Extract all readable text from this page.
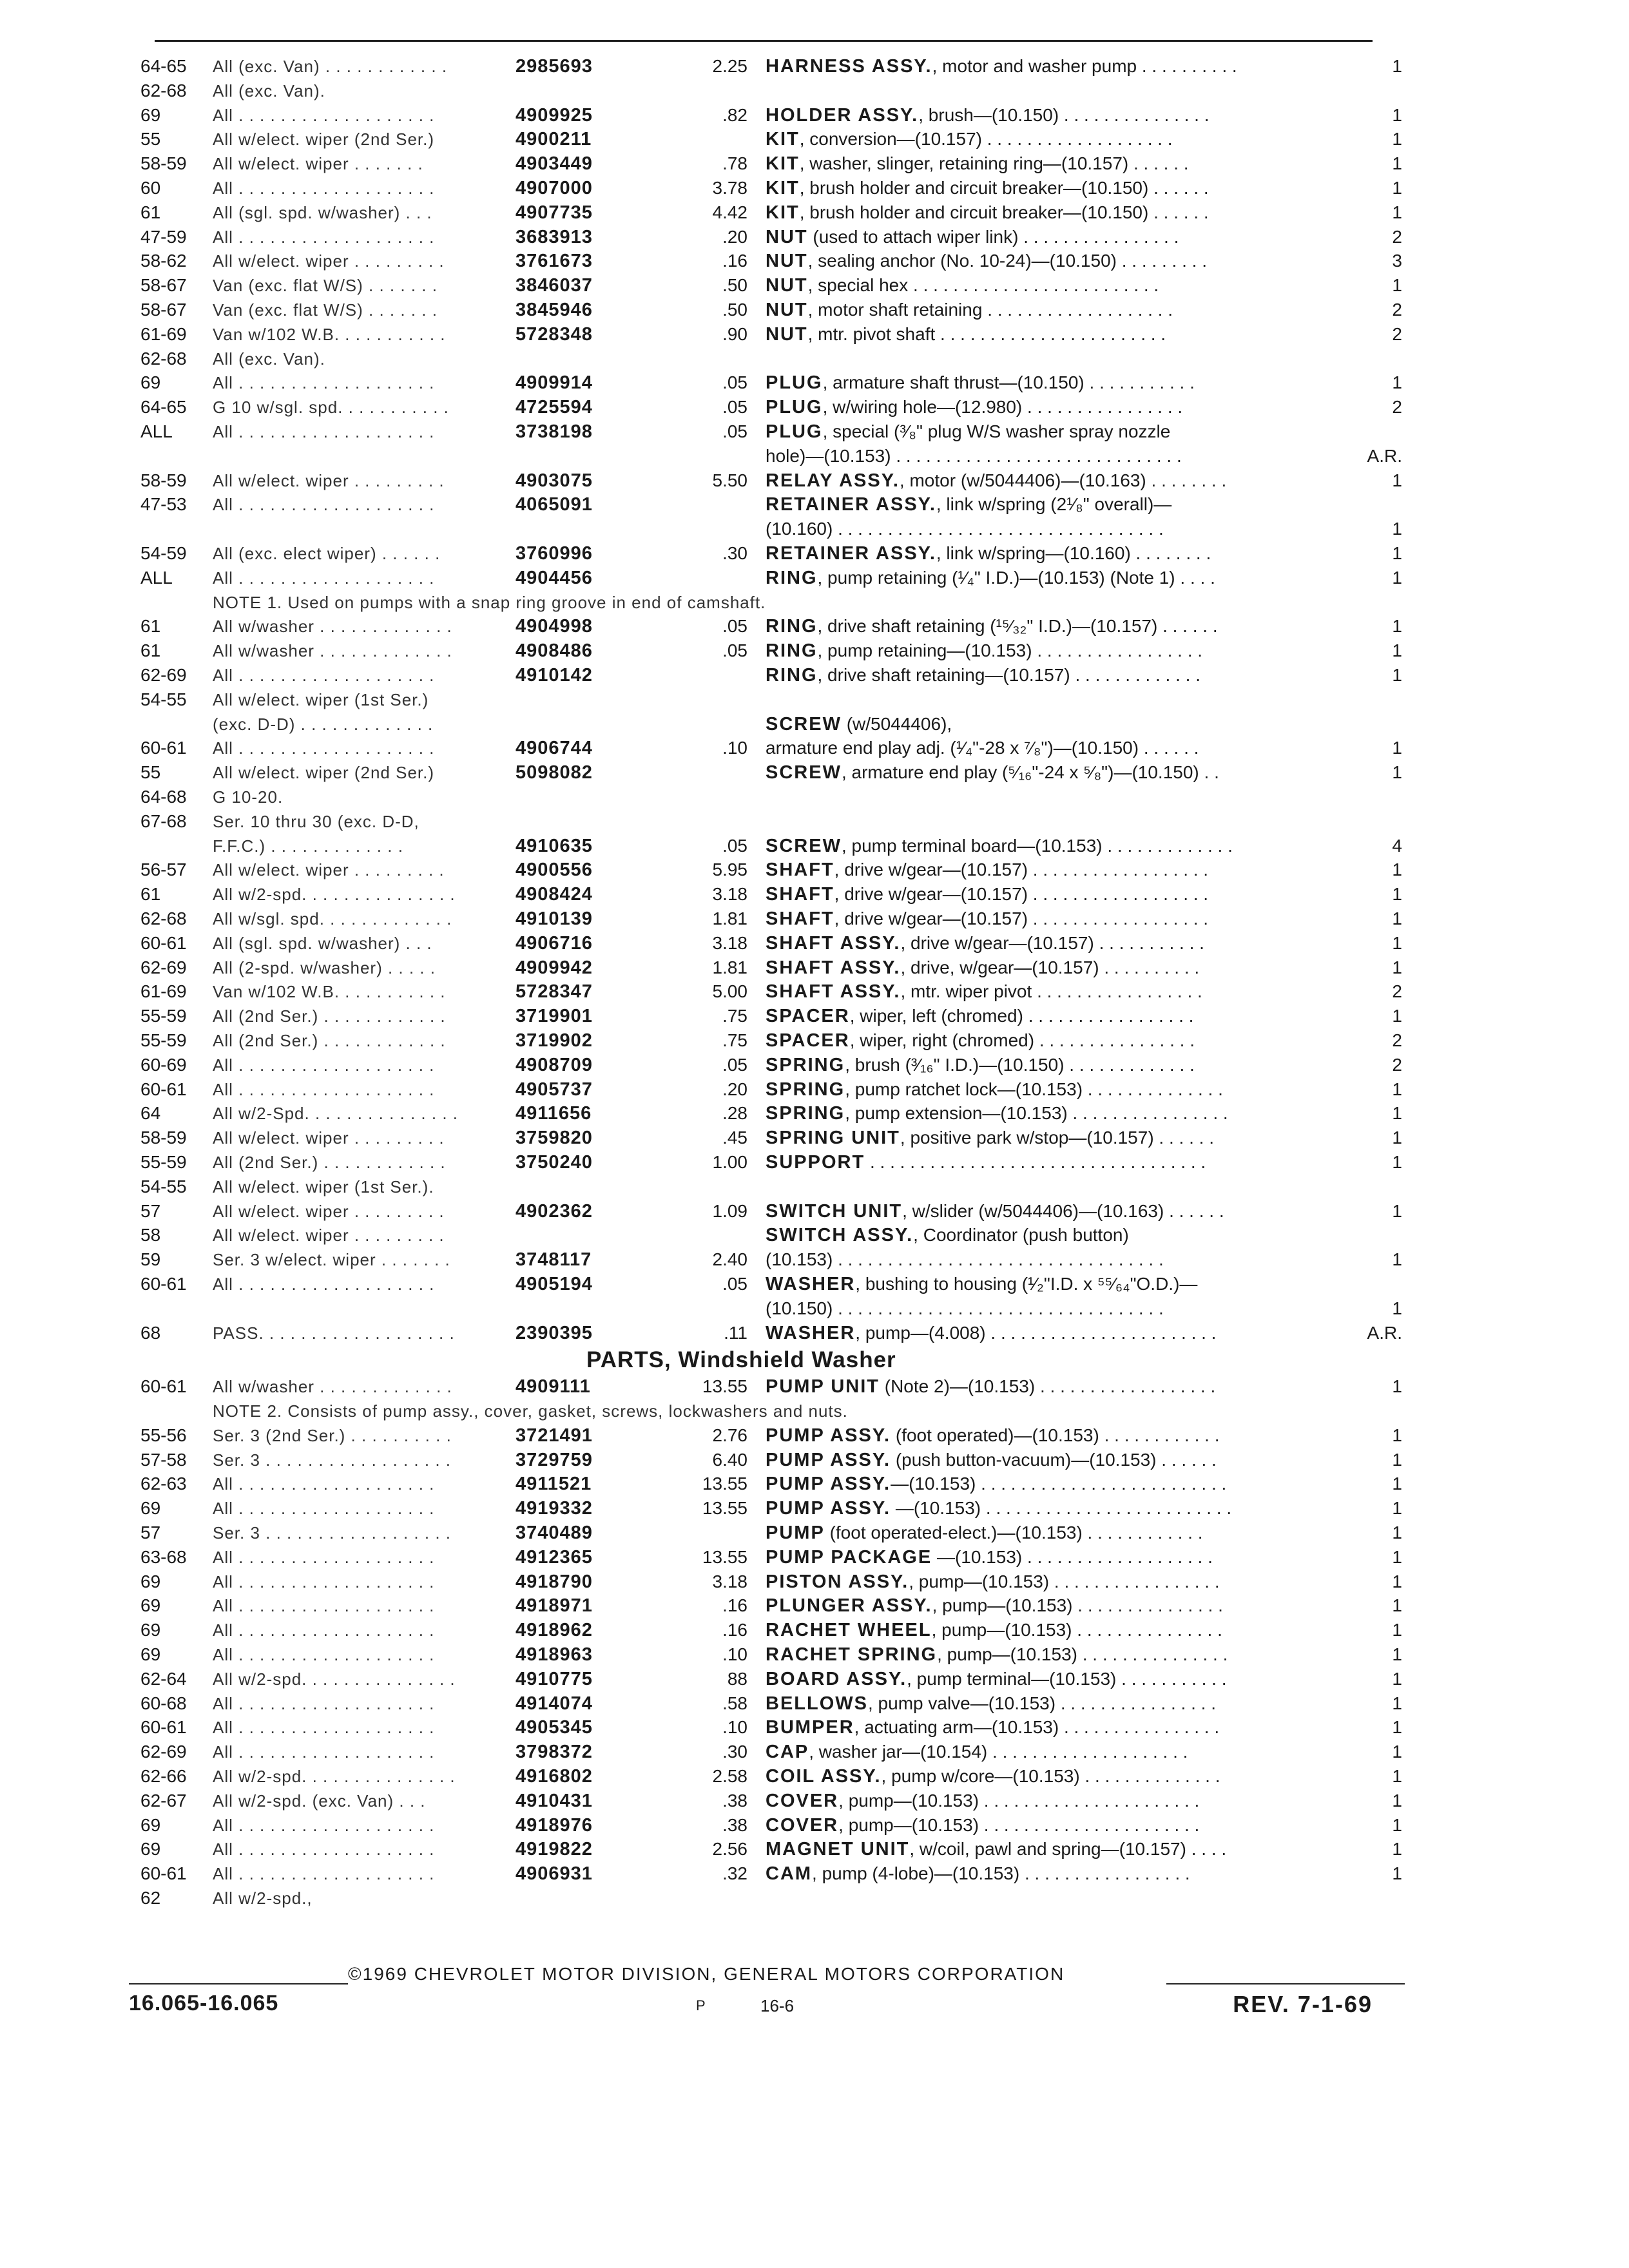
64-65 All (exc. Van) . . . . . . . . . . . .	2985693	2.25 HARNESS ASSY., motor and washer pump . . . . . . . . . .	1
62-68 All (exc. Van).
69	All . . . . . . . . . . . . . . . . . . .	4909925	.82 HOLDER ASSY., brush—(10.150) . . . . . . . . . . . . . . .	1
55	All w/elect. wiper (2nd Ser.)	4900211	KIT, conversion—(10.157) . . . . . . . . . . . . . . . . . . .	1
58-59 All w/elect. wiper . . . . . . .	4903449	.78 KIT, washer, slinger, retaining ring—(10.157) . . . . . .	1
60	All . . . . . . . . . . . . . . . . . . .	4907000	3.78 KIT, brush holder and circuit breaker—(10.150) . . . . . .	1
61	All (sgl. spd. w/washer) . . .	4907735	4.42 KIT, brush holder and circuit breaker—(10.150) . . . . . .	1
47-59 All . . . . . . . . . . . . . . . . . . .	3683913	.20 NUT (used to attach wiper link) . . . . . . . . . . . . . . . .	2
58-62 All w/elect. wiper . . . . . . . . .	3761673	.16 NUT, sealing anchor (No. 10-24)—(10.150) . . . . . . . . .	3
58-67 Van (exc. flat W/S) . . . . . . .	3846037	.50 NUT, special hex . . . . . . . . . . . . . . . . . . . . . . . . .	1
58-67 Van (exc. flat W/S) . . . . . . .	3845946	.50 NUT, motor shaft retaining . . . . . . . . . . . . . . . . . . .	2
61-69 Van w/102 W.B. . . . . . . . . . .	5728348	.90 NUT, mtr. pivot shaft . . . . . . . . . . . . . . . . . . . . . . .	2
62-68 All (exc. Van).
69	All . . . . . . . . . . . . . . . . . . .	4909914	.05 PLUG, armature shaft thrust—(10.150) . . . . . . . . . . .	1
64-65 G 10 w/sgl. spd. . . . . . . . . . .	4725594	.05 PLUG, w/wiring hole—(12.980) . . . . . . . . . . . . . . . .	2
ALL All . . . . . . . . . . . . . . . . . . .	3738198	.05 PLUG, special (³⁄₈" plug W/S washer spray nozzle
hole)—(10.153) . . . . . . . . . . . . . . . . . . . . . . . . . . . . .	A.R.
58-59 All w/elect. wiper . . . . . . . . .	4903075	5.50 RELAY ASSY., motor (w/5044406)—(10.163) . . . . . . . .	1
47-53 All . . . . . . . . . . . . . . . . . . .	4065091	RETAINER ASSY., link w/spring (2¹⁄₈" overall)—
(10.160) . . . . . . . . . . . . . . . . . . . . . . . . . . . . . . . . .	1
54-59 All (exc. elect wiper) . . . . . .	3760996	.30 RETAINER ASSY., link w/spring—(10.160) . . . . . . . .	1
ALL All . . . . . . . . . . . . . . . . . . .	4904456	RING, pump retaining (¹⁄₄" I.D.)—(10.153) (Note 1) . . . .	1
NOTE 1. Used on pumps with a snap ring groove in end of camshaft.
61	All w/washer . . . . . . . . . . . . .	4904998	.05 RING, drive shaft retaining (¹⁵⁄₃₂" I.D.)—(10.157) . . . . . .	1
61	All w/washer . . . . . . . . . . . . .	4908486	.05 RING, pump retaining—(10.153) . . . . . . . . . . . . . . . . .	1
62-69 All . . . . . . . . . . . . . . . . . . .	4910142	RING, drive shaft retaining—(10.157) . . . . . . . . . . . . .	1
54-55 All w/elect. wiper (1st Ser.)
(exc. D-D) . . . . . . . . . . . . .	SCREW (w/5044406),
60-61 All . . . . . . . . . . . . . . . . . . .	4906744	.10 armature end play adj. (¹⁄₄"-28 x ⁷⁄₈")—(10.150) . . . . . .	1
55	All w/elect. wiper (2nd Ser.)	5098082	SCREW, armature end play (⁵⁄₁₆"-24 x ⁵⁄₈")—(10.150) . .	1
64-68 G 10-20.
67-68 Ser. 10 thru 30 (exc. D-D,
F.F.C.) . . . . . . . . . . . . .	4910635	.05 SCREW, pump terminal board—(10.153) . . . . . . . . . . . . .	4
56-57 All w/elect. wiper . . . . . . . . .	4900556	5.95 SHAFT, drive w/gear—(10.157) . . . . . . . . . . . . . . . . . .	1
61	All w/2-spd. . . . . . . . . . . . . . .	4908424	3.18 SHAFT, drive w/gear—(10.157) . . . . . . . . . . . . . . . . . .	1
62-68 All w/sgl. spd. . . . . . . . . . . . .	4910139	1.81 SHAFT, drive w/gear—(10.157) . . . . . . . . . . . . . . . . . .	1
60-61 All (sgl. spd. w/washer) . . .	4906716	3.18 SHAFT ASSY., drive w/gear—(10.157) . . . . . . . . . . .	1
62-69 All (2-spd. w/washer) . . . . .	4909942	1.81 SHAFT ASSY., drive, w/gear—(10.157) . . . . . . . . . .	1
61-69 Van w/102 W.B. . . . . . . . . . .	5728347	5.00 SHAFT ASSY., mtr. wiper pivot . . . . . . . . . . . . . . . . .	2
55-59 All (2nd Ser.) . . . . . . . . . . . .	3719901	.75 SPACER, wiper, left (chromed) . . . . . . . . . . . . . . . . .	1
55-59 All (2nd Ser.) . . . . . . . . . . . .	3719902	.75 SPACER, wiper, right (chromed) . . . . . . . . . . . . . . . .	2
60-69 All . . . . . . . . . . . . . . . . . . .	4908709	.05 SPRING, brush (³⁄₁₆" I.D.)—(10.150) . . . . . . . . . . . . .	2
60-61 All . . . . . . . . . . . . . . . . . . .	4905737	.20 SPRING, pump ratchet lock—(10.153) . . . . . . . . . . . . . .	1
64	All w/2-Spd. . . . . . . . . . . . . . .	4911656	.28 SPRING, pump extension—(10.153) . . . . . . . . . . . . . . . .	1
58-59 All w/elect. wiper . . . . . . . . .	3759820	.45 SPRING UNIT, positive park w/stop—(10.157) . . . . . .	1
55-59 All (2nd Ser.) . . . . . . . . . . . .	3750240	1.00 SUPPORT . . . . . . . . . . . . . . . . . . . . . . . . . . . . . . . . . .	1
54-55 All w/elect. wiper (1st Ser.).
57	All w/elect. wiper . . . . . . . . .	4902362	1.09 SWITCH UNIT, w/slider (w/5044406)—(10.163) . . . . . .	1
58	All w/elect. wiper . . . . . . . . .	SWITCH ASSY., Coordinator (push button)
59	Ser. 3 w/elect. wiper . . . . . . .	3748117	2.40 (10.153) . . . . . . . . . . . . . . . . . . . . . . . . . . . . . . . . .	1
60-61 All . . . . . . . . . . . . . . . . . . .	4905194	.05 WASHER, bushing to housing (¹⁄₂"I.D. x ⁵⁵⁄₆₄"O.D.)—
(10.150) . . . . . . . . . . . . . . . . . . . . . . . . . . . . . . . . .	1
68	PASS. . . . . . . . . . . . . . . . . . .	2390395	.11 WASHER, pump—(4.008) . . . . . . . . . . . . . . . . . . . . . . .	A.R.
PARTS, Windshield Washer
60-61 All w/washer . . . . . . . . . . . . .	4909111	13.55 PUMP UNIT (Note 2)—(10.153) . . . . . . . . . . . . . . . . . .	1
NOTE 2. Consists of pump assy., cover, gasket, screws, lockwashers and nuts.
55-56 Ser. 3 (2nd Ser.) . . . . . . . . . .	3721491	2.76 PUMP ASSY. (foot operated)—(10.153) . . . . . . . . . . . .	1
57-58 Ser. 3 . . . . . . . . . . . . . . . . . .	3729759	6.40 PUMP ASSY. (push button-vacuum)—(10.153) . . . . . .	1
62-63 All . . . . . . . . . . . . . . . . . . .	4911521	13.55 PUMP ASSY.—(10.153) . . . . . . . . . . . . . . . . . . . . . . . . .	1
69	All . . . . . . . . . . . . . . . . . . .	4919332	13.55 PUMP ASSY. —(10.153) . . . . . . . . . . . . . . . . . . . . . . . . .	1
57	Ser. 3 . . . . . . . . . . . . . . . . . .	3740489	PUMP (foot operated-elect.)—(10.153) . . . . . . . . . . . .	1
63-68 All . . . . . . . . . . . . . . . . . . .	4912365	13.55 PUMP PACKAGE —(10.153) . . . . . . . . . . . . . . . . . . .	1
69	All . . . . . . . . . . . . . . . . . . .	4918790	3.18 PISTON ASSY., pump—(10.153) . . . . . . . . . . . . . . . . .	1
69	All . . . . . . . . . . . . . . . . . . .	4918971	.16 PLUNGER ASSY., pump—(10.153) . . . . . . . . . . . . . . .	1
69	All . . . . . . . . . . . . . . . . . . .	4918962	.16 RACHET WHEEL, pump—(10.153) . . . . . . . . . . . . . . .	1
69	All . . . . . . . . . . . . . . . . . . .	4918963	.10 RACHET SPRING, pump—(10.153) . . . . . . . . . . . . . . .	1
62-64 All w/2-spd. . . . . . . . . . . . . . .	4910775	88 BOARD ASSY., pump terminal—(10.153) . . . . . . . . . . .	1
60-68 All . . . . . . . . . . . . . . . . . . .	4914074	.58 BELLOWS, pump valve—(10.153) . . . . . . . . . . . . . . . .	1
60-61 All . . . . . . . . . . . . . . . . . . .	4905345	.10 BUMPER, actuating arm—(10.153) . . . . . . . . . . . . . . . .	1
62-69 All . . . . . . . . . . . . . . . . . . .	3798372	.30 CAP, washer jar—(10.154) . . . . . . . . . . . . . . . . . . . .	1
62-66 All w/2-spd. . . . . . . . . . . . . . .	4916802	2.58 COIL ASSY., pump w/core—(10.153) . . . . . . . . . . . . . .	1
62-67 All w/2-spd. (exc. Van) . . .	4910431	.38 COVER, pump—(10.153) . . . . . . . . . . . . . . . . . . . . . .	1
69	All . . . . . . . . . . . . . . . . . . .	4918976	.38 COVER, pump—(10.153) . . . . . . . . . . . . . . . . . . . . . .	1
69	All . . . . . . . . . . . . . . . . . . .	4919822	2.56 MAGNET UNIT, w/coil, pawl and spring—(10.157) . . . .	1
60-61 All . . . . . . . . . . . . . . . . . . .	4906931	.32 CAM, pump (4-lobe)—(10.153) . . . . . . . . . . . . . . . . .	1
62	All w/2-spd.,
©1969 CHEVROLET MOTOR DIVISION, GENERAL MOTORS CORPORATION
16.065-16.065	P	16-6	REV. 7-1-69
